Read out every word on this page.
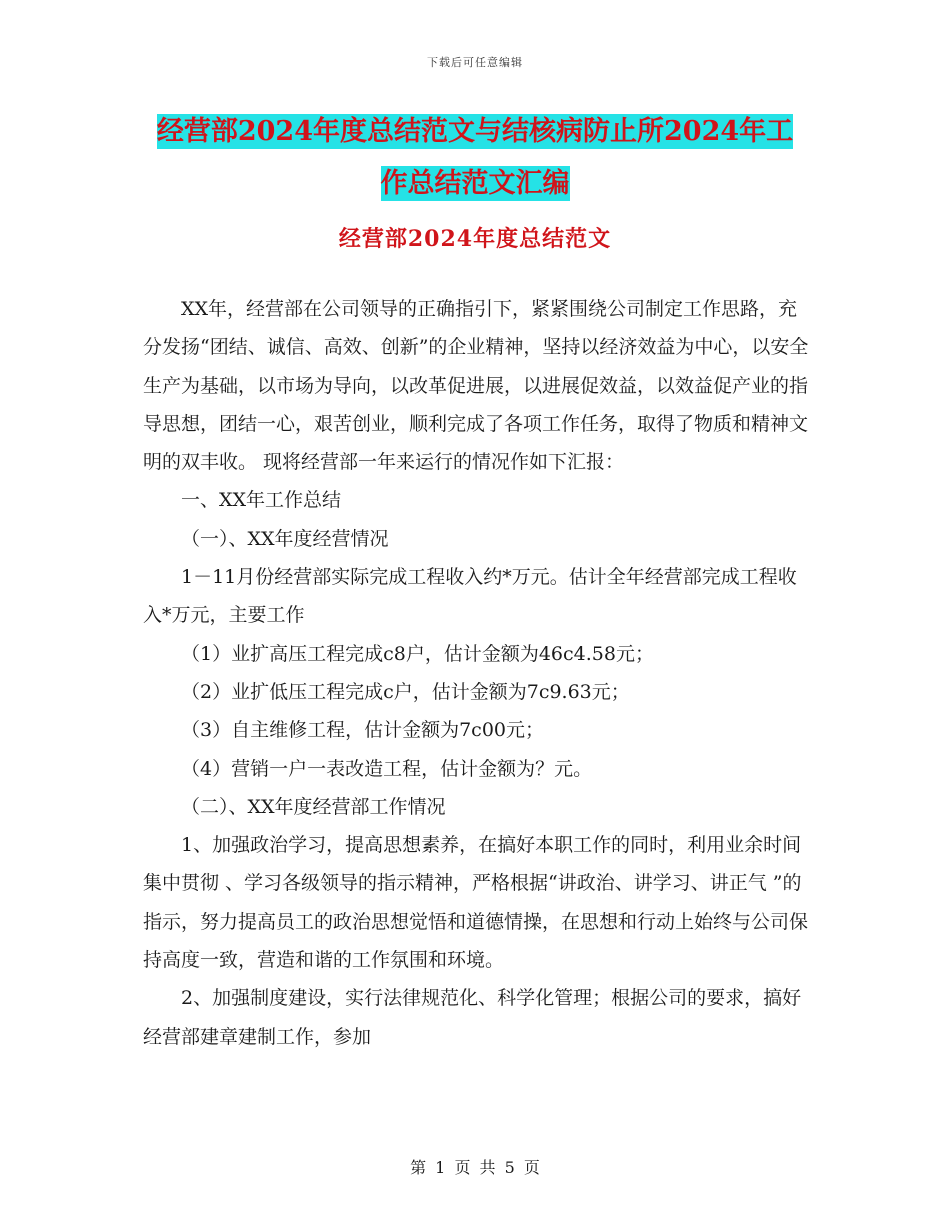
下载后可任意编辑
经营部2024年度总结范文与结核病防止所2024年工
作总结范文汇编
经营部2024年度总结范文

XX年，经营部在公司领导的正确指引下，紧紧围绕公司制定工作思路，充分发扬“团结、诚信、高效、创新”的企业精神，坚持以经济效益为中心，以安全生产为基础，以市场为导向，以改革促进展，以进展促效益，以效益促产业的指导思想，团结一心，艰苦创业，顺利完成了各项工作任务，取得了物质和精神文明的双丰收。 现将经营部一年来运行的情况作如下汇报：

一、XX年工作总结

（一）、XX年度经营情况

1－11月份经营部实际完成工程收入约*万元。估计全年经营部完成工程收入*万元，主要工作

（1）业扩高压工程完成c8户，估计金额为46c4.58元；

（2）业扩低压工程完成c户，估计金额为7c9.63元；

（3）自主维修工程，估计金额为7c00元；

（4）营销一户一表改造工程，估计金额为？元。

（二）、XX年度经营部工作情况

1、加强政治学习，提高思想素养，在搞好本职工作的同时，利用业余时间集中贯彻 、学习各级领导的指示精神，严格根据“讲政治、讲学习、讲正气 ”的指示，努力提高员工的政治思想觉悟和道德情操，在思想和行动上始终与公司保持高度一致，营造和谐的工作氛围和环境。

2、加强制度建设，实行法律规范化、科学化管理；根据公司的要求，搞好经营部建章建制工作，参加

第 1 页 共 5 页
